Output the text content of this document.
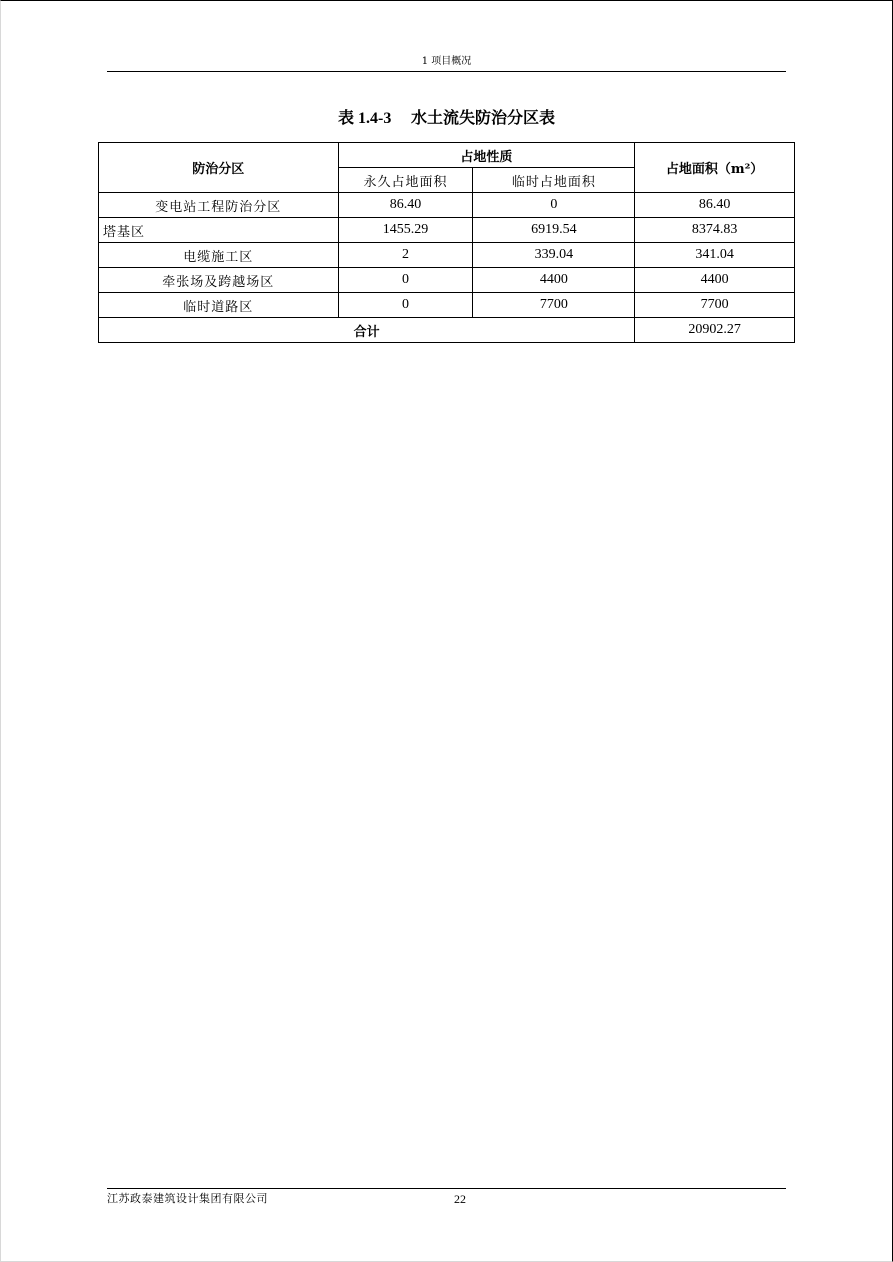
1 项目概况
表 1.4-3 水土流失防治分区表
防治分区	占地性质		占地面积（m²）
	永久占地面积	临时占地面积	
变电站工程防治分区	86.40	0	86.40
塔基区	1455.29	6919.54	8374.83
电缆施工区	2	339.04	341.04
牵张场及跨越场区	0	4400	4400
临时道路区	0	7700	7700
合计			20902.27
江苏政泰建筑设计集团有限公司	22
